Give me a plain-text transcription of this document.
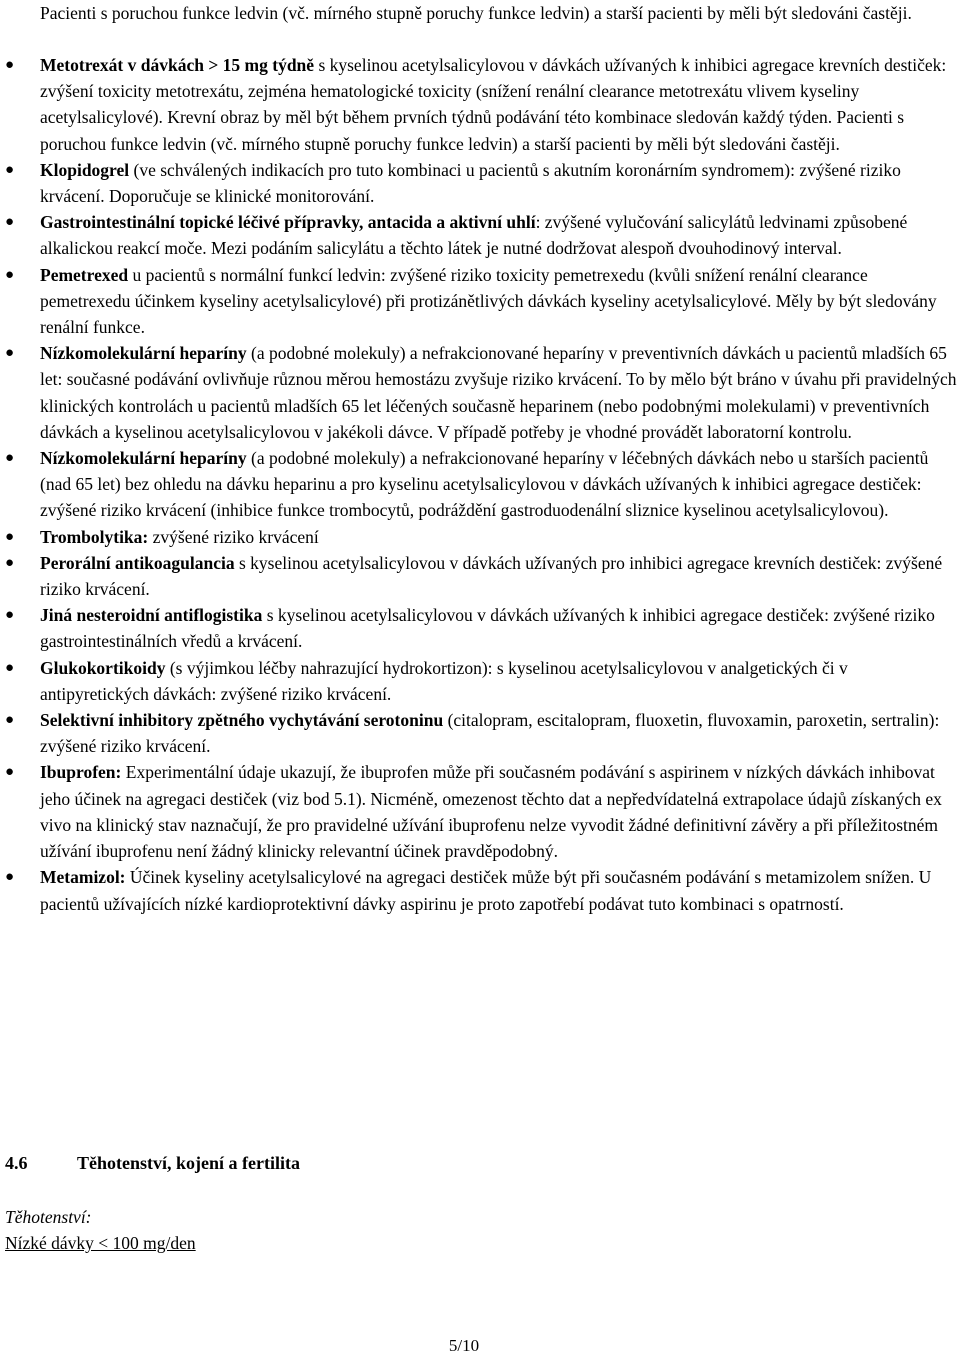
Pacienti s poruchou funkce ledvin (vč. mírného stupně poruchy funkce ledvin) a starší pacienti by měli být sledováni častěji.
● Metotrexát v dávkách > 15 mg týdně s kyselinou acetylsalicylovou v dávkách užívaných k inhibici agregace krevních destiček: zvýšení toxicity metotrexátu, zejména hematologické toxicity (snížení renální clearance metotrexátu vlivem kyseliny acetylsalicylové). Krevní obraz by měl být během prvních týdnů podávání této kombinace sledován každý týden. Pacienti s poruchou funkce ledvin (vč. mírného stupně poruchy funkce ledvin) a starší pacienti by měli být sledováni častěji.
● Klopidogrel (ve schválených indikacích pro tuto kombinaci u pacientů s akutním koronárním syndromem): zvýšené riziko krvácení. Doporučuje se klinické monitorování.
● Gastrointestinální topické léčivé přípravky, antacida a aktivní uhlí: zvýšené vylučování salicylátů ledvinami způsobené alkalickou reakcí moče. Mezi podáním salicylátu a těchto látek je nutné dodržovat alespoň dvouhodinový interval.
● Pemetrexed u pacientů s normální funkcí ledvin: zvýšené riziko toxicity pemetrexedu (kvůli snížení renální clearance pemetrexedu účinkem kyseliny acetylsalicylové) při protizánětlivých dávkách kyseliny acetylsalicylové. Měly by být sledovány renální funkce.
● Nízkomolekulární heparíny (a podobné molekuly) a nefrakcionované heparíny v preventivních dávkách u pacientů mladších 65 let: současné podávání ovlivňuje různou měrou hemostázu zvyšuje riziko krvácení. To by mělo být bráno v úvahu při pravidelných klinických kontrolách u pacientů mladších 65 let léčených současně heparinem (nebo podobnými molekulami) v preventivních dávkách a kyselinou acetylsalicylovou v jakékoli dávce. V případě potřeby je vhodné provádět laboratorní kontrolu.
● Nízkomolekulární heparíny (a podobné molekuly) a nefrakcionované heparíny v léčebných dávkách nebo u starších pacientů (nad 65 let) bez ohledu na dávku heparinu a pro kyselinu acetylsalicylovou v dávkách užívaných k inhibici agregace destiček: zvýšené riziko krvácení (inhibice funkce trombocytů, podráždění gastroduodenální sliznice kyselinou acetylsalicylovou).
● Trombolytika: zvýšené riziko krvácení
● Perorální antikoagulancia s kyselinou acetylsalicylovou v dávkách užívaných pro inhibici agregace krevních destiček: zvýšené riziko krvácení.
● Jiná nesteroidní antiflogistika s kyselinou acetylsalicylovou v dávkách užívaných k inhibici agregace destiček: zvýšené riziko gastrointestinálních vředů a krvácení.
● Glukokortikoidy (s výjimkou léčby nahrazující hydrokortizon): s kyselinou acetylsalicylovou v analgetických či v antipyretických dávkách: zvýšené riziko krvácení.
● Selektivní inhibitory zpětného vychytávání serotoninu (citalopram, escitalopram, fluoxetin, fluvoxamin, paroxetin, sertralin): zvýšené riziko krvácení.
● Ibuprofen: Experimentální údaje ukazují, že ibuprofen může při současném podávání s aspirinem v nízkých dávkách inhibovat jeho účinek na agregaci destiček (viz bod 5.1). Nicméně, omezenost těchto dat a nepředvídatelná extrapolace údajů získaných ex vivo na klinický stav naznačují, že pro pravidelné užívání ibuprofenu nelze vyvodit žádné definitivní závěry a při příležitostném užívání ibuprofenu není žádný klinicky relevantní účinek pravděpodobný.
● Metamizol: Účinek kyseliny acetylsalicylové na agregaci destiček může být při současném podávání s metamizolem snížen. U pacientů užívajících nízké kardioprotektivní dávky aspirinu je proto zapotřebí podávat tuto kombinaci s opatrností.
4.6	Těhotenství, kojení a fertilita
Těhotenství:
Nízké dávky < 100 mg/den
5/10
